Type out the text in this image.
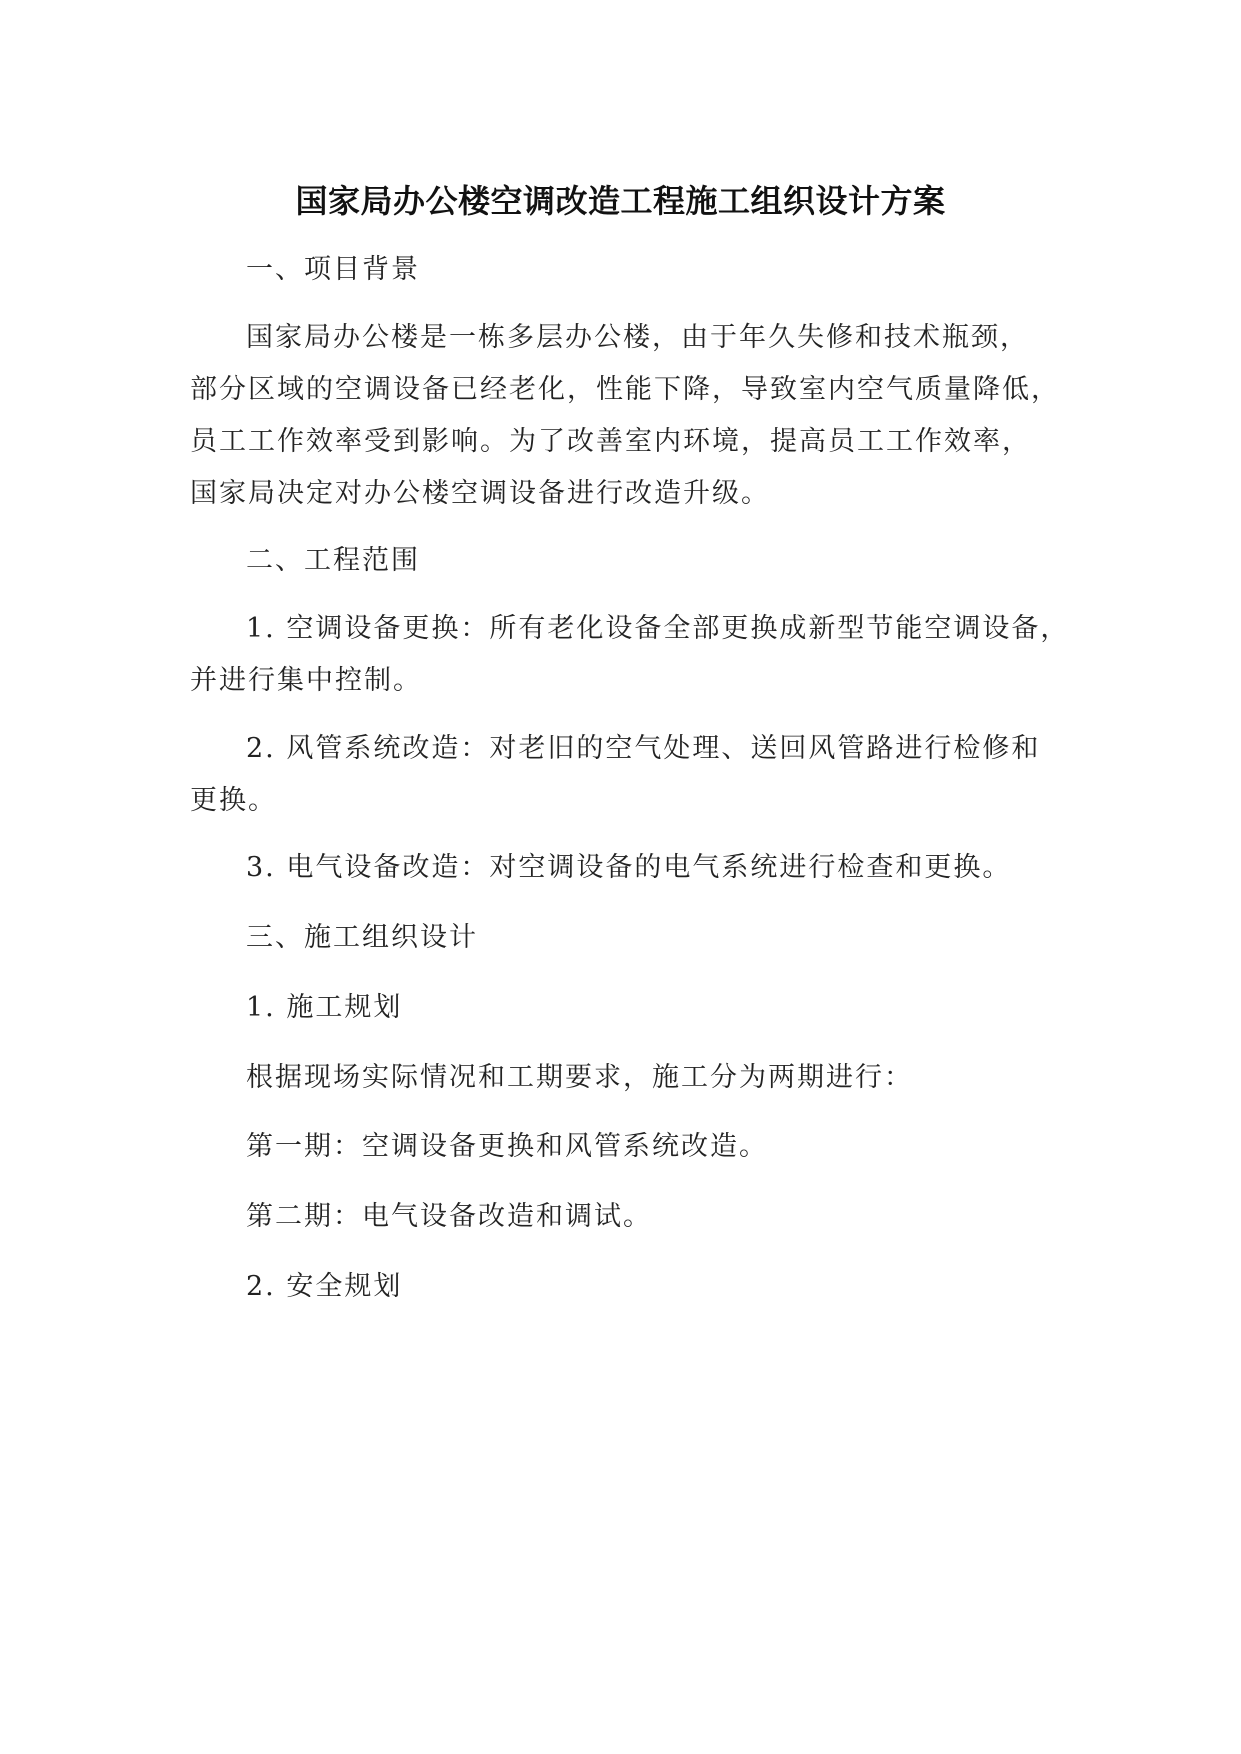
国家局办公楼空调改造工程施工组织设计方案
一、项目背景
国家局办公楼是一栋多层办公楼，由于年久失修和技术瓶颈，
部分区域的空调设备已经老化，性能下降，导致室内空气质量降低，
员工工作效率受到影响。为了改善室内环境，提高员工工作效率，
国家局决定对办公楼空调设备进行改造升级。
二、工程范围
1. 空调设备更换：所有老化设备全部更换成新型节能空调设备，
并进行集中控制。
2. 风管系统改造：对老旧的空气处理、送回风管路进行检修和
更换。
3. 电气设备改造：对空调设备的电气系统进行检查和更换。
三、施工组织设计
1. 施工规划
根据现场实际情况和工期要求，施工分为两期进行：
第一期：空调设备更换和风管系统改造。
第二期：电气设备改造和调试。
2. 安全规划
